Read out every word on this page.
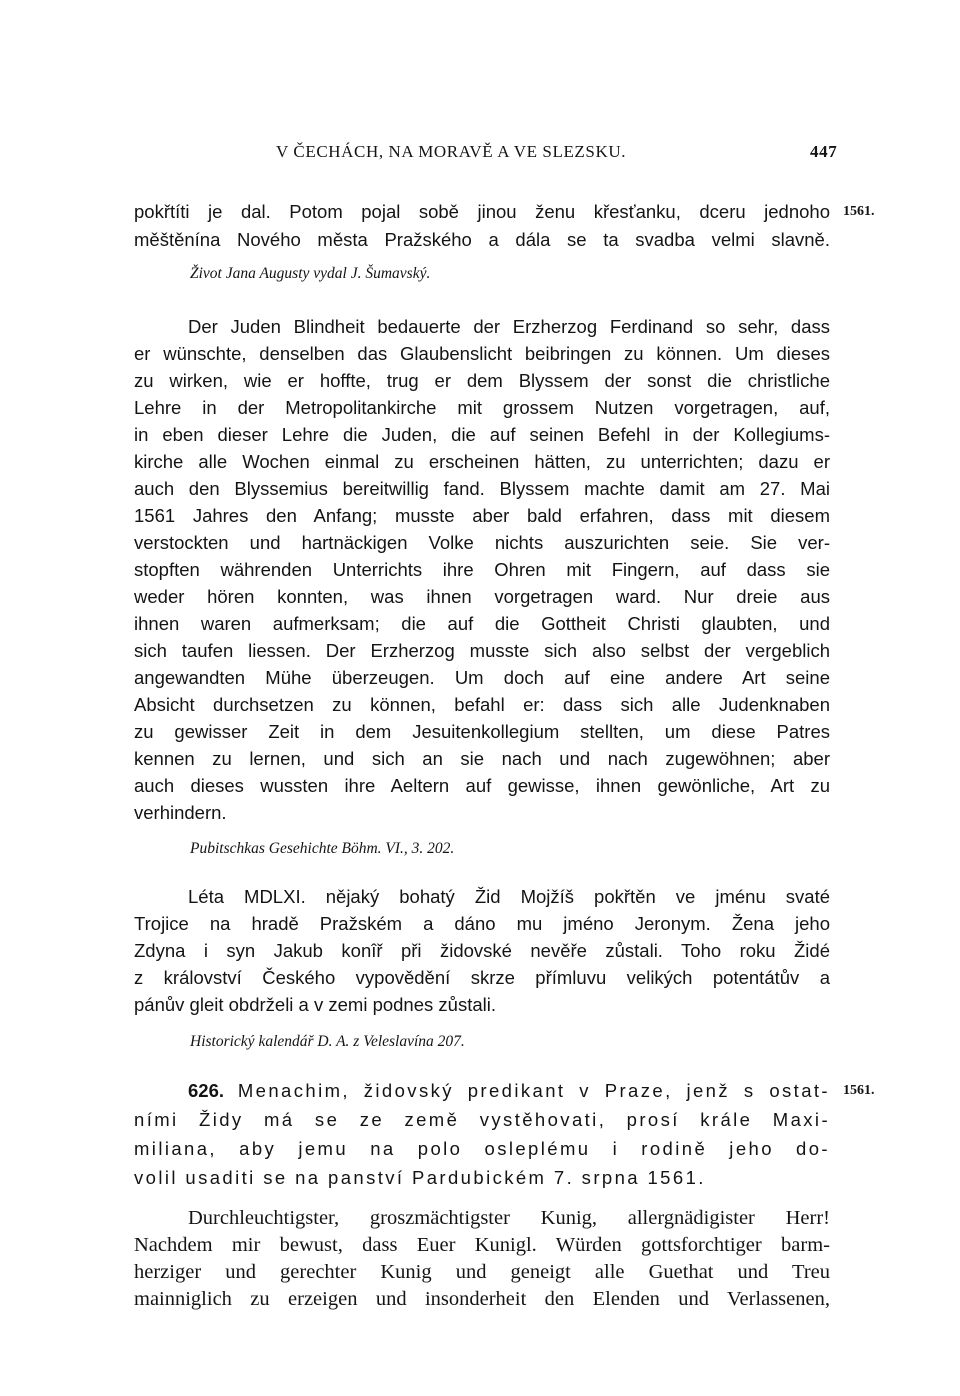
V ČECHÁCH, NA MORAVĚ A VE SLEZSKU.	447
pokřtíti je dal. Potom pojal sobě jinou ženu křesťanku, dceru jednoho 1561.
měštěnína Nového města Pražského a dála se ta svadba velmi slavně.
Život Jana Augusty vydal J. Šumavský.
Der Juden Blindheit bedauerte der Erzherzog Ferdinand so sehr, dass
er wünschte, denselben das Glaubenslicht beibringen zu können. Um dieses
zu wirken, wie er hoffte, trug er dem Blyssem der sonst die christliche
Lehre in der Metropolitankirche mit grossem Nutzen vorgetragen, auf,
in eben dieser Lehre die Juden, die auf seinen Befehl in der Kollegiums-
kirche alle Wochen einmal zu erscheinen hätten, zu unterrichten; dazu er
auch den Blyssemius bereitwillig fand. Blyssem machte damit am 27. Mai
1561 Jahres den Anfang; musste aber bald erfahren, dass mit diesem
verstockten und hartnäckigen Volke nichts auszurichten seie. Sie ver-
stopften währenden Unterrichts ihre Ohren mit Fingern, auf dass sie
weder hören konnten, was ihnen vorgetragen ward. Nur dreie aus
ihnen waren aufmerksam; die auf die Gottheit Christi glaubten, und
sich taufen liessen. Der Erzherzog musste sich also selbst der vergeblich
angewandten Mühe überzeugen. Um doch auf eine andere Art seine
Absicht durchsetzen zu können, befahl er: dass sich alle Judenknaben
zu gewisser Zeit in dem Jesuitenkollegium stellten, um diese Patres
kennen zu lernen, und sich an sie nach und nach zugewöhnen; aber
auch dieses wussten ihre Aeltern auf gewisse, ihnen gewönliche, Art zu
verhindern.
Pubitschkas Gesehichte Böhm. VI., 3. 202.
Léta MDLXI. nějaký bohatý Žid Mojžíš pokřtěn ve jménu svaté
Trojice na hradě Pražském a dáno mu jméno Jeronym. Žena jeho
Zdyna i syn Jakub konîř při židovské nevěře zůstali. Toho roku Židé
z království Českého vypovědění skrze přímluvu velikých potentátův a
pánův gleit obdrželi a v zemi podnes zůstali.
Historický kalendář D. A. z Veleslavína 207.
626. Menachim, židovský predikant v Praze, jenž s ostat- 1561.
ními Židy má se ze země vystěhovati, prosí krále Maxi-
miliana, aby jemu na polo osleplému i rodině jeho do-
volil usaditi se na panství Pardubickém 7. srpna 1561.
Durchleuchtigster, groszmächtigster Kunig, allergnädigister Herr!
Nachdem mir bewust, dass Euer Kunigl. Würden gottsforchtiger barm-
herziger und gerechter Kunig und geneigt alle Guethat und Treu
mainniglich zu erzeigen und insonderheit den Elenden und Verlassenen,
